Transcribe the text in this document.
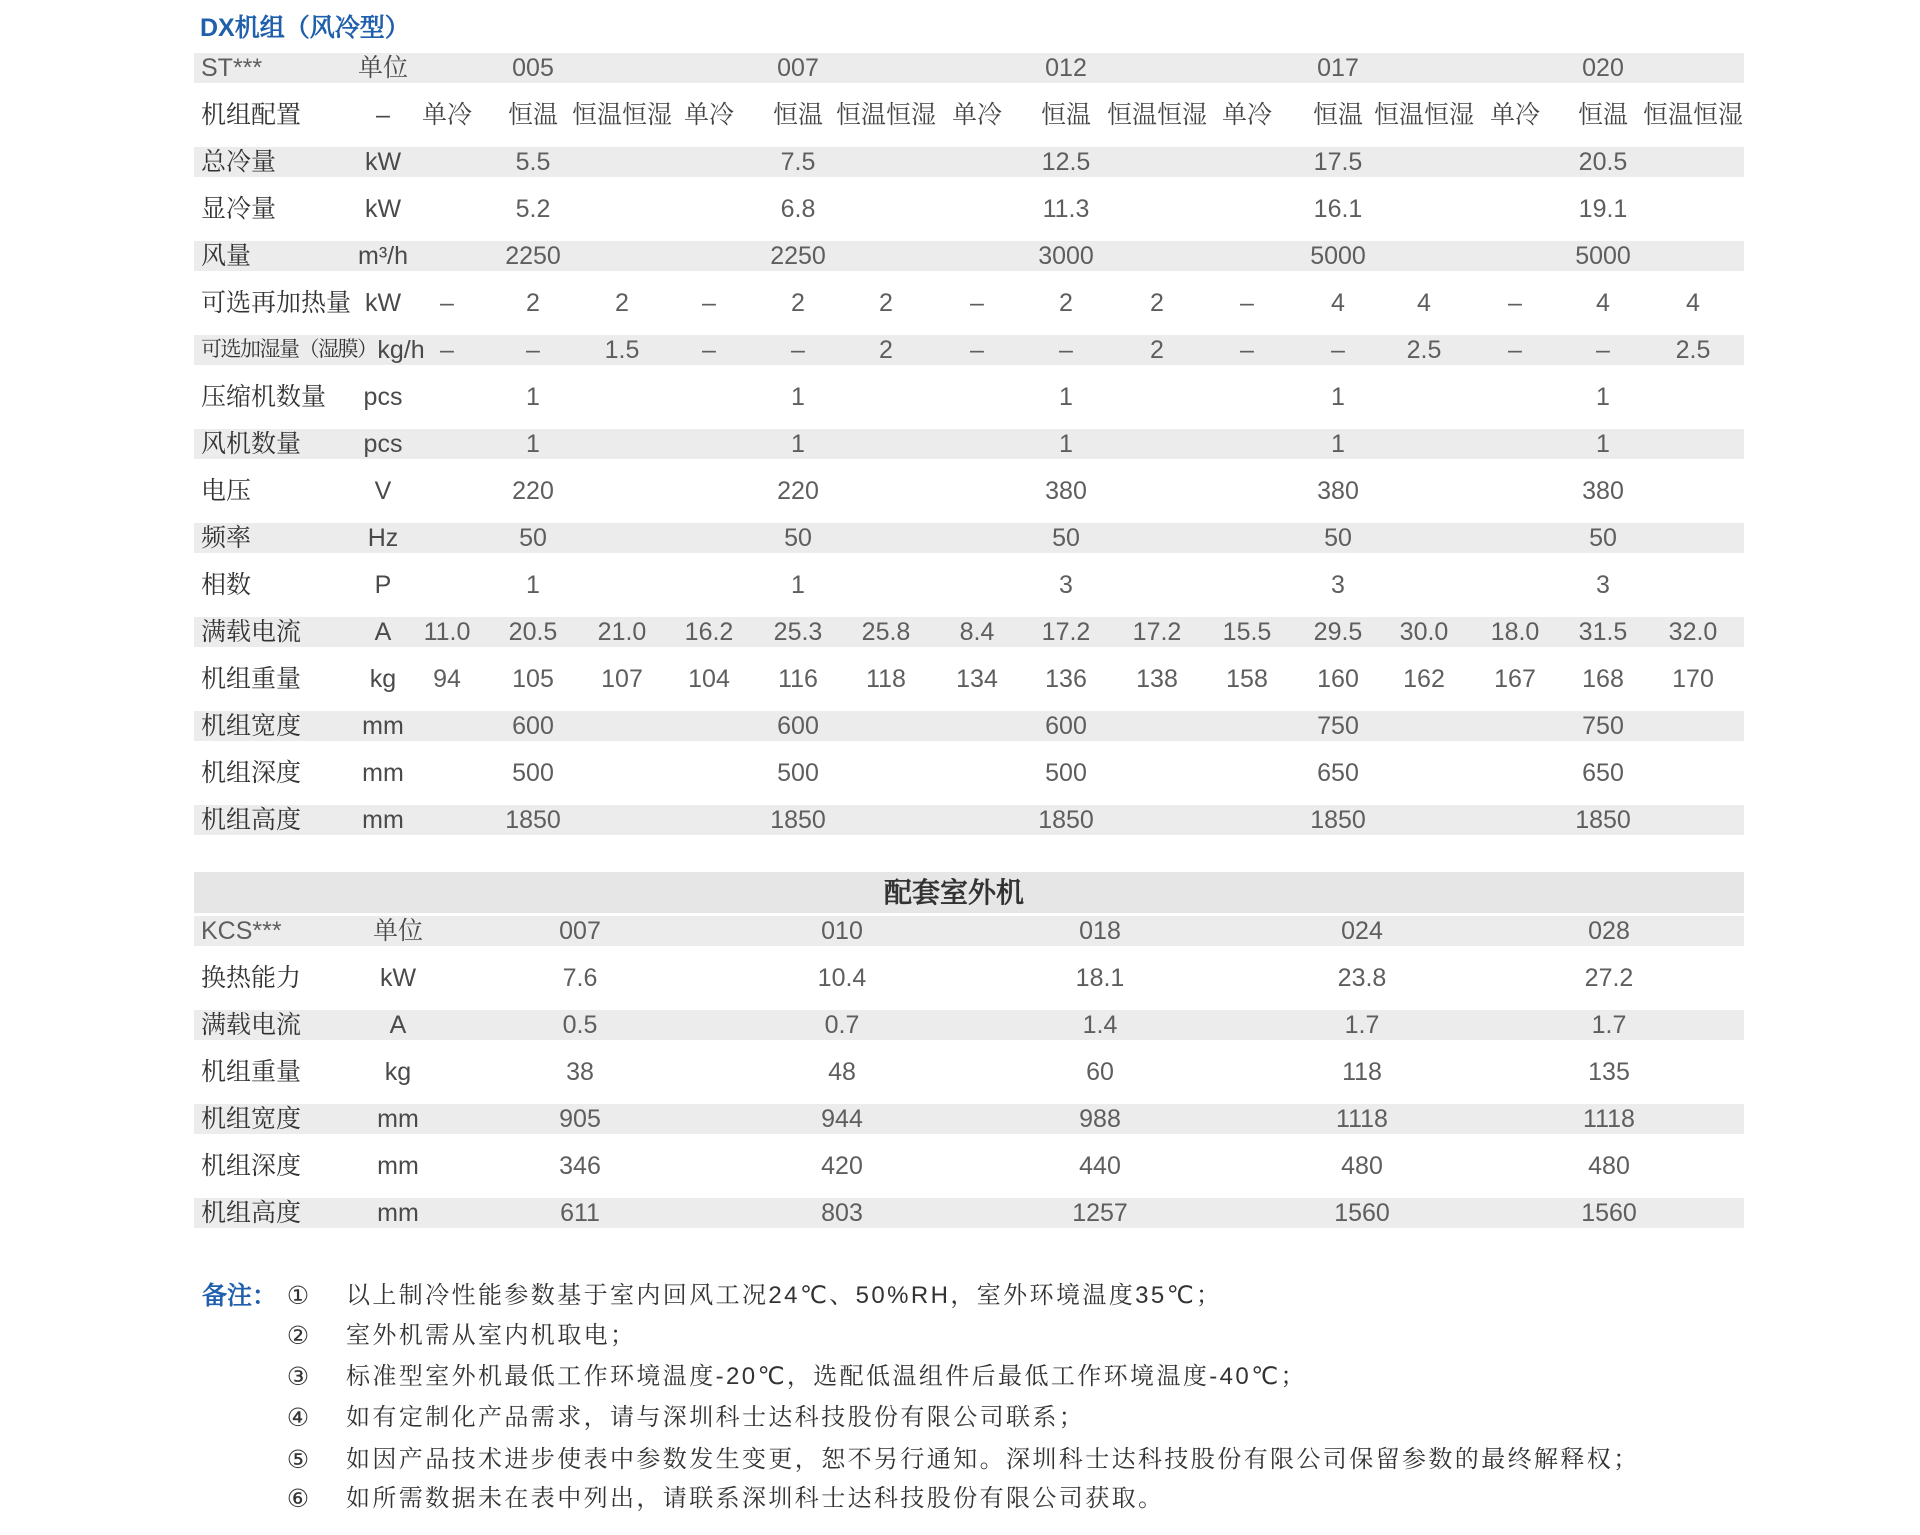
DX机组（风冷型）
ST***	单位	005	007	012	017	020
机组配置	– 单冷 恒温 恒温恒湿 单冷 恒温 恒温恒湿 单冷 恒温 恒温恒湿 单冷 恒温 恒温恒湿 单冷 恒温 恒温恒湿
总冷量	kW	5.5	7.5	12.5	17.5	20.5
显冷量	kW	5.2	6.8	11.3	16.1	19.1
风量	m³/h	2250	2250	3000	5000	5000
可选再加热量 kW –	2	2	–	2	2	–	2	2	–	4	4	–	4	4
可选加湿量（湿膜） kg/h –	–	1.5	–	–	2	–	–	2	–	– 2.5	–	–	2.5
压缩机数量 pcs	1	1	1	1	1
风机数量	pcs	1	1	1	1	1
电压	V	220	220	380	380	380
频率	Hz	50	50	50	50	50
相数	P	1	1	3	3	3
满载电流	A 11.0 20.5 21.0 16.2 25.3 25.8 8.4 17.2 17.2 15.5 29.5 30.0 18.0 31.5 32.0
机组重量	kg 94 105 107 104 116 118 134 136 138 158 160 162 167 168 170
机组宽度 mm	600	600	600	750	750
机组深度 mm	500	500	500	650	650
机组高度 mm	1850	1850	1850	1850	1850
配套室外机
KCS***	单位	007	010	018	024	028
换热能力	kW	7.6	10.4	18.1	23.8	27.2
满载电流	A	0.5	0.7	1.4	1.7	1.7
机组重量	kg	38	48	60	118	135
机组宽度	mm	905	944	988	1118	1118
机组深度	mm	346	420	440	480	480
机组高度	mm	611	803	1257	1560	1560
备注： ① 以上制冷性能参数基于室内回风工况24℃、50%RH，室外环境温度35℃；
② 室外机需从室内机取电；
③ 标准型室外机最低工作环境温度-20℃，选配低温组件后最低工作环境温度-40℃；
④ 如有定制化产品需求，请与深圳科士达科技股份有限公司联系；
⑤ 如因产品技术进步使表中参数发生变更，恕不另行通知。深圳科士达科技股份有限公司保留参数的最终解释权；
⑥ 如所需数据未在表中列出，请联系深圳科士达科技股份有限公司获取。
